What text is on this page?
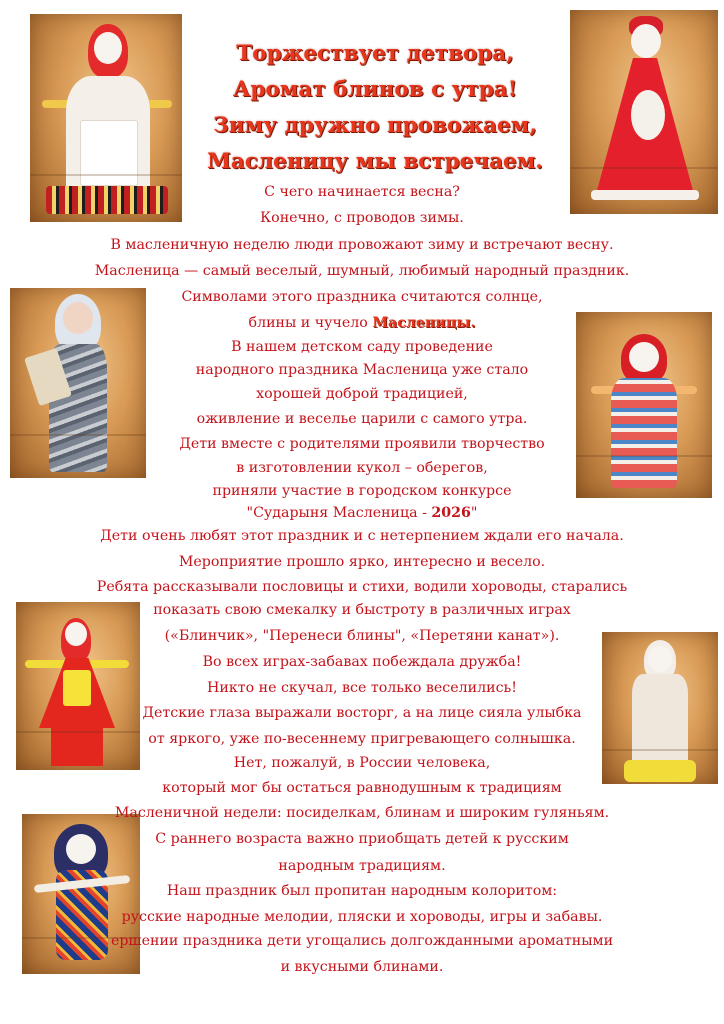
Торжествует детвора,
Аромат блинов с утра!
Зиму дружно провожаем,
Масленицу мы встречаем.
С чего начинается весна?
Конечно, с проводов зимы.
В масленичную неделю люди провожают зиму и встречают весну.
Масленица — самый веселый, шумный, любимый народный праздник.
Символами этого праздника считаются солнце,
блины и чучело Масленицы.
В нашем детском саду проведение
народного праздника Масленица уже стало
хорошей доброй традицией,
оживление и веселье царили с самого утра.
Дети вместе с родителями проявили творчество
в изготовлении кукол – оберегов,
приняли участие в городском конкурсе
"Сударыня Масленица - 2026"
Дети очень любят этот праздник и с нетерпением ждали его начала.
Мероприятие прошло ярко, интересно и весело.
Ребята рассказывали пословицы и стихи, водили хороводы, старались
показать свою смекалку и быстроту в различных играх
(«Блинчик», "Перенеси блины", «Перетяни канат»).
Во всех играх-забавах побеждала дружба!
Никто не скучал, все только веселились!
Детские глаза выражали восторг, а на лице сияла улыбка
от яркого, уже по-весеннему пригревающего солнышка.
Нет, пожалуй, в России человека,
который мог бы остаться равнодушным к традициям
Масленичной недели: посиделкам, блинам и широким гуляньям.
С раннего возраста важно приобщать детей к русским
народным традициям.
Наш праздник был пропитан народным колоритом:
русские народные мелодии, пляски и хороводы, игры и забавы.
ершении праздника дети угощались долгожданными ароматными
и вкусными блинами.
